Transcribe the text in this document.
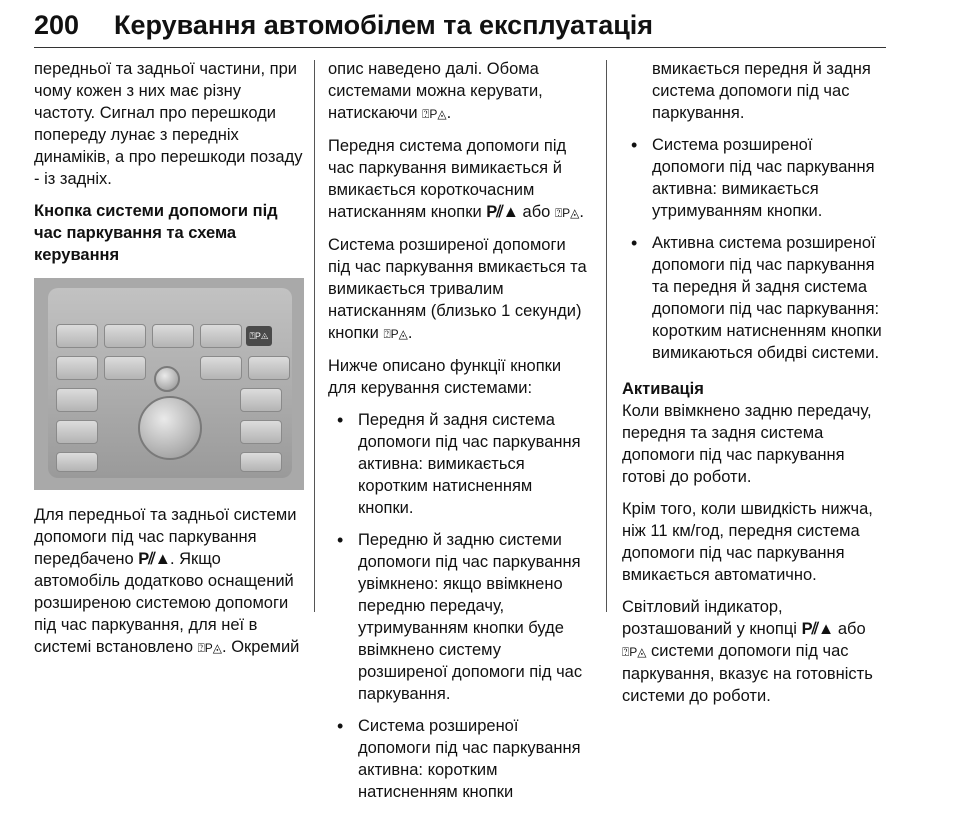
200 Керування автомобілем та експлуатація

передньої та задньої частини, при чому кожен з них має різну частоту. Сигнал про перешкоди попереду лунає з передніх динаміків, а про перешкоди позаду - із задніх.

Кнопка системи допомоги під час паркування та схема керування

⍰P◬

Для передньої та задньої системи допомоги під час паркування передбачено P⫽▲. Якщо автомобіль додатково оснащений розширеною системою допомоги під час паркування, для неї в системі встановлено ⍰P◬. Окремий

опис наведено далі. Обома системами можна керувати, натискаючи ⍰P◬.

Передня система допомоги під час паркування вимикається й вмикається короткочасним натисканням кнопки P⫽▲ або ⍰P◬.

Система розширеної допомоги під час паркування вмикається та вимикається тривалим натисканням (близько 1 секунди) кнопки ⍰P◬.

Нижче описано функції кнопки для керування системами:

• Передня й задня система допомоги під час паркування активна: вимикається коротким натисненням кнопки.
• Передню й задню системи допомоги під час паркування увімкнено: якщо ввімкнено передню передачу, утримуванням кнопки буде ввімкнено систему розширеної допомоги під час паркування.
• Система розширеної допомоги під час паркування активна: коротким натисненням кнопки

вмикається передня й задня система допомоги під час паркування.

• Система розширеної допомоги під час паркування активна: вимикається утримуванням кнопки.
• Активна система розширеної допомоги під час паркування та передня й задня система допомоги під час паркування: коротким натисненням кнопки вимикаються обидві системи.

Активація

Коли ввімкнено задню передачу, передня та задня система допомоги під час паркування готові до роботи.

Крім того, коли швидкість нижча, ніж 11 км/год, передня система допомоги під час паркування вмикається автоматично.

Світловий індикатор, розташований у кнопці P⫽▲ або ⍰P◬ системи допомоги під час паркування, вказує на готовність системи до роботи.
